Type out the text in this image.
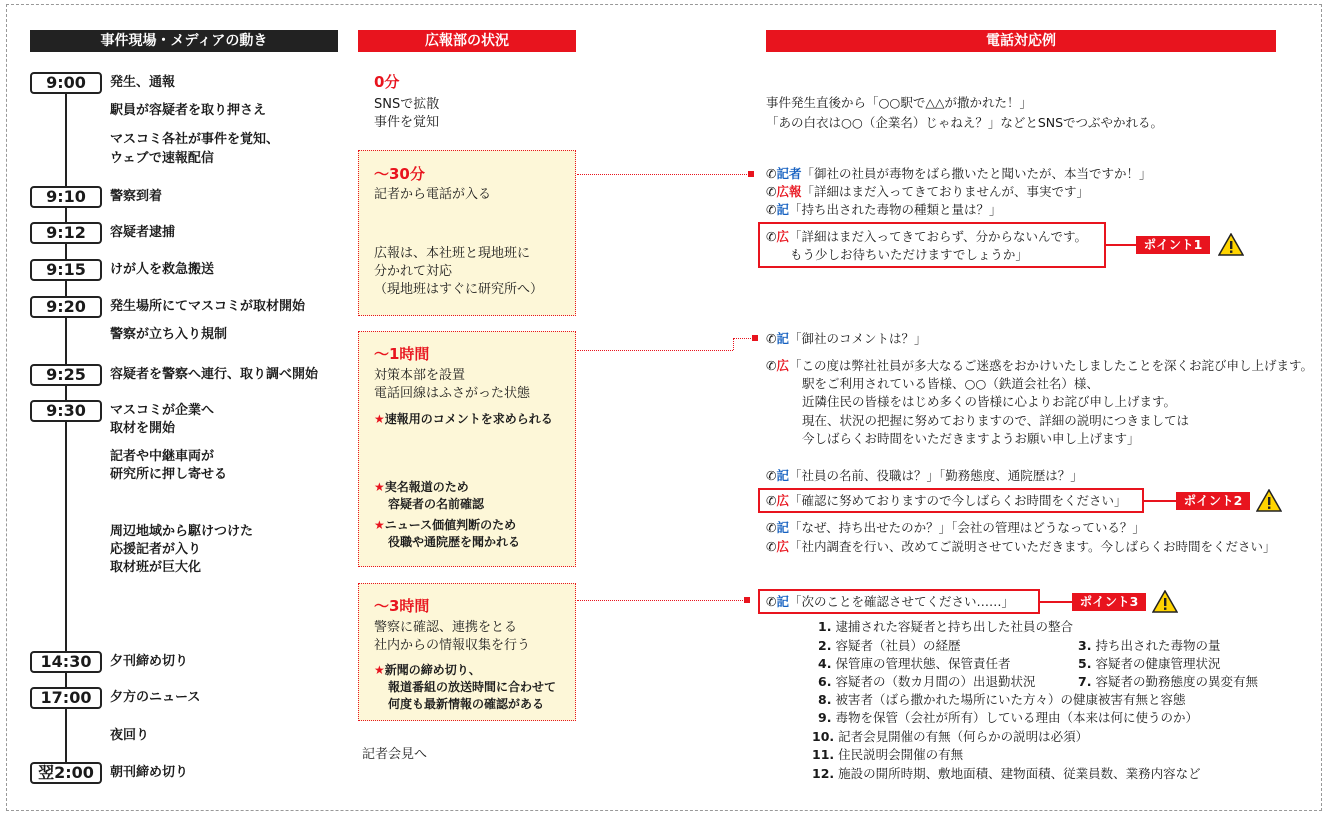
事件現場・メディアの動き	広報部の状況	電話対応例
9:00	発生、通報
駅員が容疑者を取り押さえ
マスコミ各社が事件を覚知、
ウェブで速報配信
9:10	警察到着
9:12	容疑者逮捕
9:15	けが人を救急搬送
9:20	発生場所にてマスコミが取材開始
警察が立ち入り規制
9:25	容疑者を警察へ連行、取り調べ開始
9:30	マスコミが企業へ
取材を開始
記者や中継車両が
研究所に押し寄せる
周辺地域から駆けつけた
応援記者が入り
取材班が巨大化
14:30	夕刊締め切り
17:00	夕方のニュース
夜回り
翌2:00	朝刊締め切り
0分
SNSで拡散
事件を覚知
～30分
記者から電話が入る
広報は、本社班と現地班に
分かれて対応
（現地班はすぐに研究所へ）
～1時間
対策本部を設置
電話回線はふさがった状態
★速報用のコメントを求められる
★実名報道のため
容疑者の名前確認
★ニュース価値判断のため
役職や通院歴を聞かれる
～3時間
警察に確認、連携をとる
社内からの情報収集を行う
★新聞の締め切り、
報道番組の放送時間に合わせて
何度も最新情報の確認がある
記者会見へ
事件発生直後から「○○駅で△△が撒かれた！」
「あの白衣は○○（企業名）じゃねえ？」などとSNSでつぶやかれる。
✆記者「御社の社員が毒物をばら撒いたと聞いたが、本当ですか！」
✆広報「詳細はまだ入ってきておりませんが、事実です」
✆記「持ち出された毒物の種類と量は？」
✆広「詳細はまだ入ってきておらず、分からないんです。
もう少しお待ちいただけますでしょうか」
ポイント1
✆記「御社のコメントは？」
✆広「この度は弊社社員が多大なるご迷惑をおかけいたしましたことを深くお詫び申し上げます。
駅をご利用されている皆様、○○（鉄道会社名）様、
近隣住民の皆様をはじめ多くの皆様に心よりお詫び申し上げます。
現在、状況の把握に努めておりますので、詳細の説明につきましては
今しばらくお時間をいただきますようお願い申し上げます」
✆記「社員の名前、役職は？」「勤務態度、通院歴は？」
✆広「確認に努めておりますので今しばらくお時間をください」	ポイント2
✆記「なぜ、持ち出せたのか？」「会社の管理はどうなっている？」
✆広「社内調査を行い、改めてご説明させていただきます。今しばらくお時間をください」
✆記「次のことを確認させてください……」	ポイント3
1. 逮捕された容疑者と持ち出した社員の整合
2. 容疑者（社員）の経歴	3. 持ち出された毒物の量
4. 保管庫の管理状態、保管責任者	5. 容疑者の健康管理状況
6. 容疑者の（数カ月間の）出退勤状況	7. 容疑者の勤務態度の異変有無
8. 被害者（ばら撒かれた場所にいた方々）の健康被害有無と容態
9. 毒物を保管（会社が所有）している理由（本来は何に使うのか）
10. 記者会見開催の有無（何らかの説明は必須）
11. 住民説明会開催の有無
12. 施設の開所時期、敷地面積、建物面積、従業員数、業務内容など
